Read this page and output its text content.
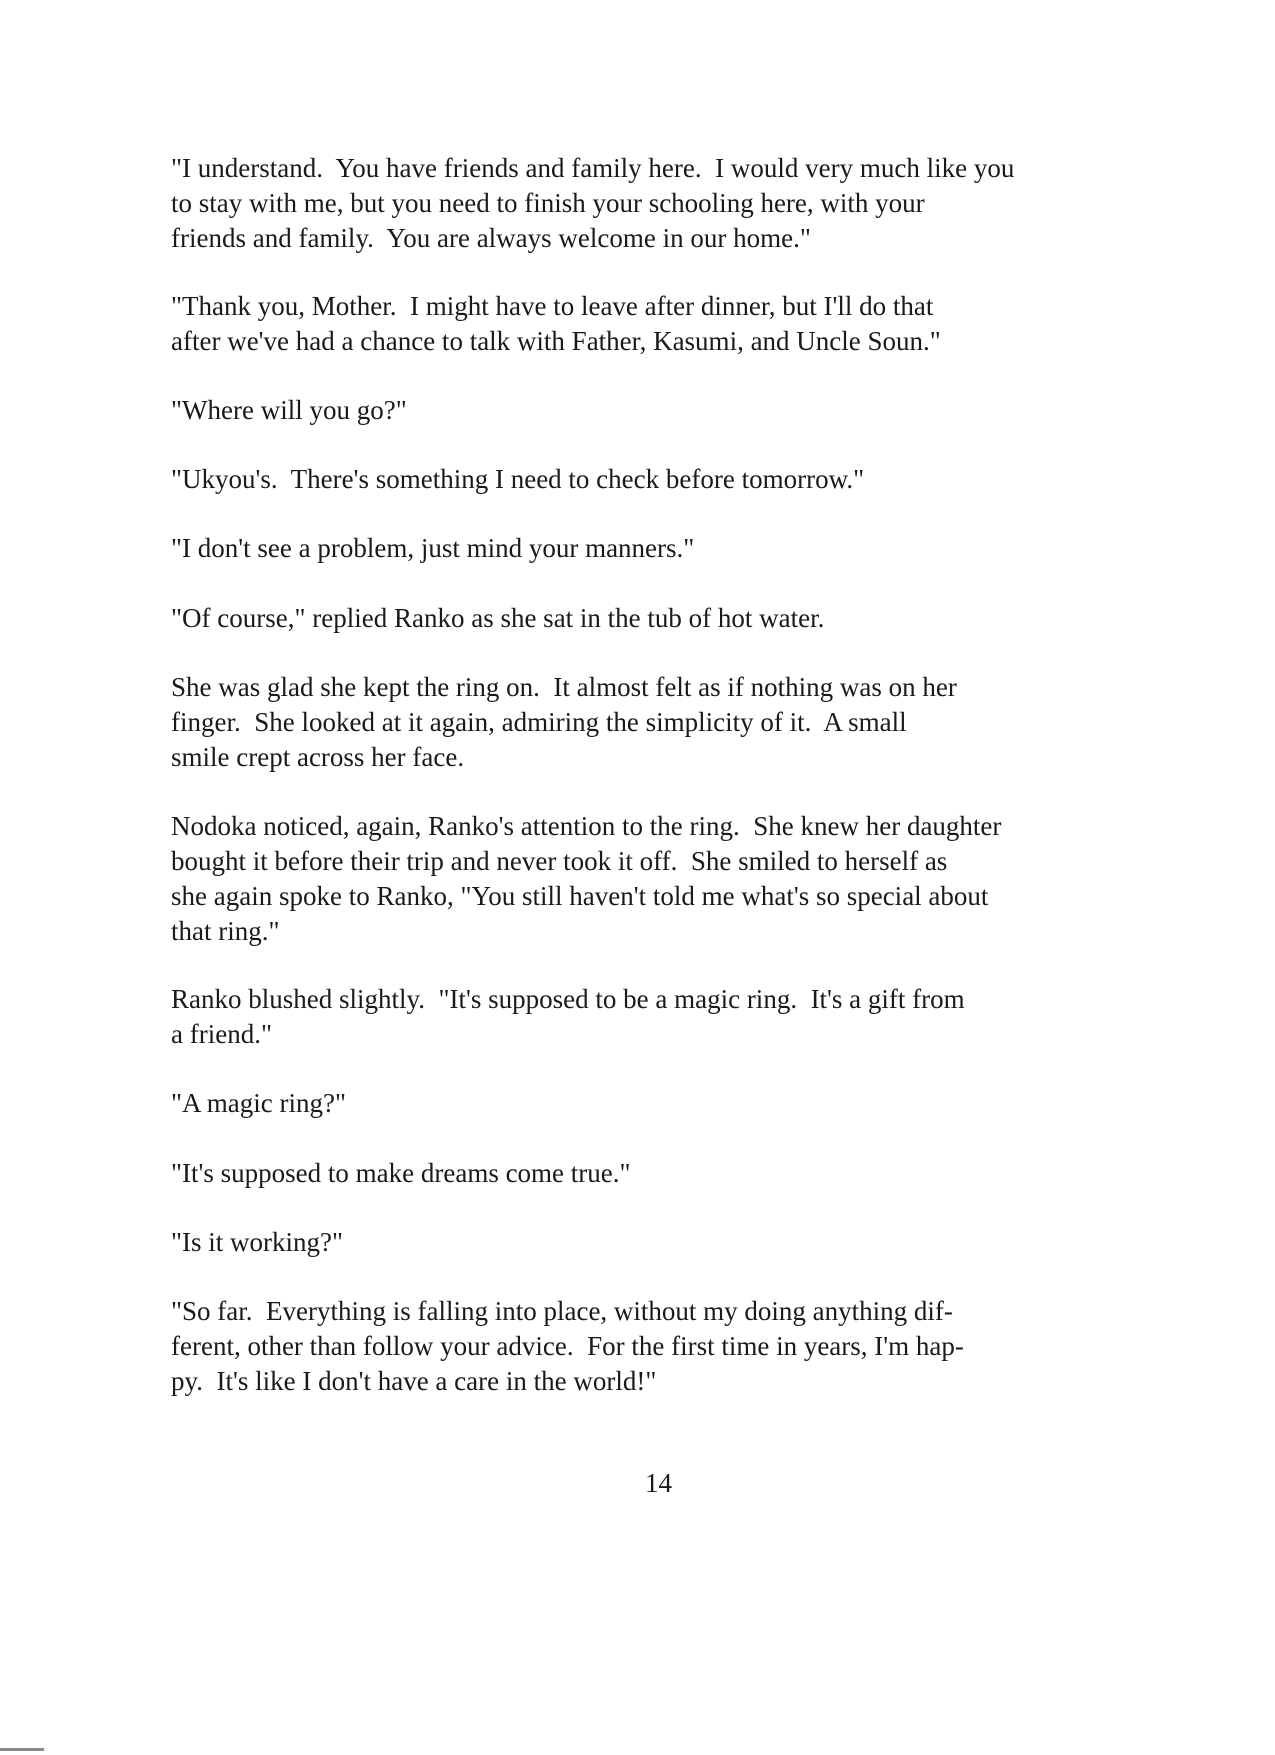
"I understand.  You have friends and family here.  I would very much like you
to stay with me, but you need to finish your schooling here, with your
friends and family.  You are always welcome in our home."

"Thank you, Mother.  I might have to leave after dinner, but I'll do that
after we've had a chance to talk with Father, Kasumi, and Uncle Soun."

"Where will you go?"

"Ukyou's.  There's something I need to check before tomorrow."

"I don't see a problem, just mind your manners."

"Of course," replied Ranko as she sat in the tub of hot water.

She was glad she kept the ring on.  It almost felt as if nothing was on her
finger.  She looked at it again, admiring the simplicity of it.  A small
smile crept across her face.

Nodoka noticed, again, Ranko's attention to the ring.  She knew her daughter
bought it before their trip and never took it off.  She smiled to herself as
she again spoke to Ranko, "You still haven't told me what's so special about
that ring."

Ranko blushed slightly.  "It's supposed to be a magic ring.  It's a gift from
a friend."

"A magic ring?"

"It's supposed to make dreams come true."

"Is it working?"

"So far.  Everything is falling into place, without my doing anything dif-
ferent, other than follow your advice.  For the first time in years, I'm hap-
py.  It's like I don't have a care in the world!"

14
